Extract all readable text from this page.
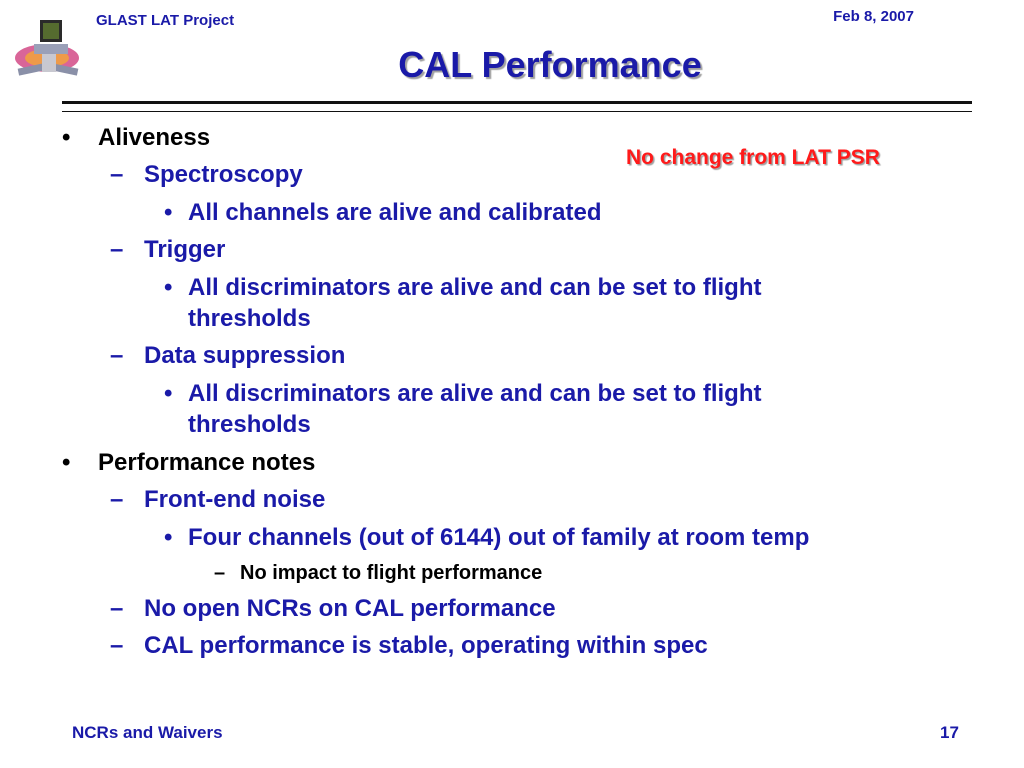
GLAST LAT Project	Feb 8, 2007
CAL Performance
No change from LAT PSR
• Aliveness
– Spectroscopy
• All channels are alive and calibrated
– Trigger
• All discriminators are alive and can be set to flight
thresholds
– Data suppression
• All discriminators are alive and can be set to flight
thresholds
• Performance notes
– Front-end noise
• Four channels (out of 6144) out of family at room temp
– No impact to flight performance
– No open NCRs on CAL performance
– CAL performance is stable, operating within spec
NCRs and Waivers	17
